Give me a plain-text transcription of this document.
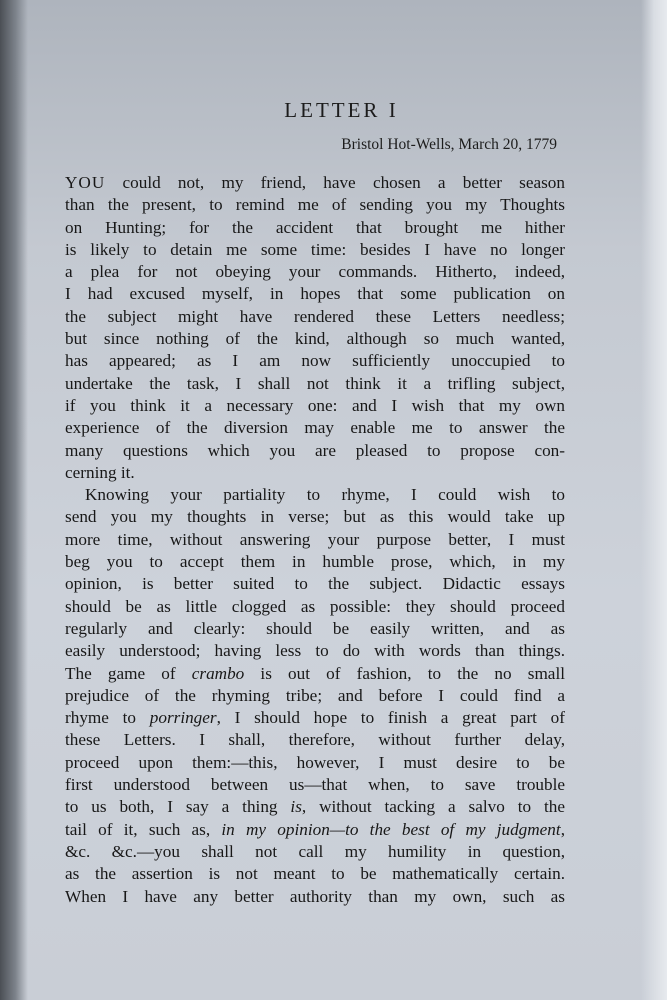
LETTER I
Bristol Hot-Wells, March 20, 1779
YOU could not, my friend, have chosen a better season
than the present, to remind me of sending you my Thoughts
on Hunting; for the accident that brought me hither
is likely to detain me some time: besides I have no longer
a plea for not obeying your commands. Hitherto, indeed,
I had excused myself, in hopes that some publication on
the subject might have rendered these Letters needless;
but since nothing of the kind, although so much wanted,
has appeared; as I am now sufficiently unoccupied to
undertake the task, I shall not think it a trifling subject,
if you think it a necessary one: and I wish that my own
experience of the diversion may enable me to answer the
many questions which you are pleased to propose con-
cerning it.
Knowing your partiality to rhyme, I could wish to
send you my thoughts in verse; but as this would take up
more time, without answering your purpose better, I must
beg you to accept them in humble prose, which, in my
opinion, is better suited to the subject. Didactic essays
should be as little clogged as possible: they should proceed
regularly and clearly: should be easily written, and as
easily understood; having less to do with words than things.
The game of crambo is out of fashion, to the no small
prejudice of the rhyming tribe; and before I could find a
rhyme to porringer, I should hope to finish a great part of
these Letters. I shall, therefore, without further delay,
proceed upon them:—this, however, I must desire to be
first understood between us—that when, to save trouble
to us both, I say a thing is, without tacking a salvo to the
tail of it, such as, in my opinion—to the best of my judgment,
&c. &c.—you shall not call my humility in question,
as the assertion is not meant to be mathematically certain.
When I have any better authority than my own, such as
